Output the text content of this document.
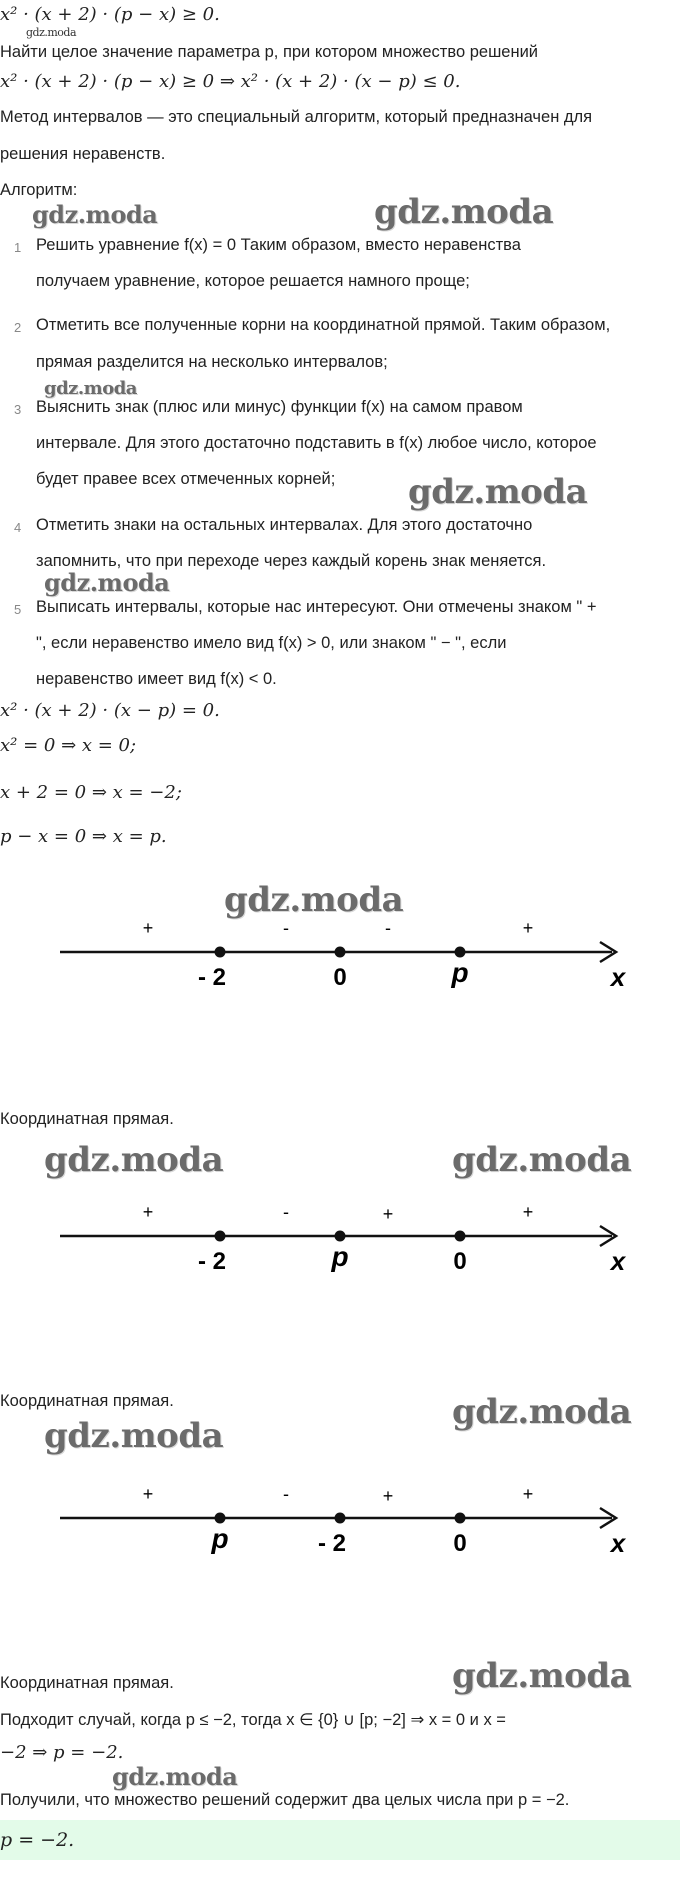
x² · (x + 2) · (p − x) ≥ 0.
gdz.moda
Найти целое значение параметра p, при котором множество решений
x² · (x + 2) · (p − x) ≥ 0 ⇒ x² · (x + 2) · (x − p) ≤ 0.
Метод интервалов — это специальный алгоритм, который предназначен для
решения неравенств.
Алгоритм:
gdz.moda	gdz.moda
1 Решить уравнение f(x) = 0 Таким образом, вместо неравенства
получаем уравнение, которое решается намного проще;
2 Отметить все полученные корни на координатной прямой. Таким образом,
прямая разделится на несколько интервалов;
gdz.moda
3 Выяснить знак (плюс или минус) функции f(x) на самом правом
интервале. Для этого достаточно подставить в f(x) любое число, которое
будет правее всех отмеченных корней; gdz.moda
4 Отметить знаки на остальных интервалах. Для этого достаточно
запомнить, что при переходе через каждый корень знак меняется.
gdz.moda
5 Выписать интервалы, которые нас интересуют. Они отмечены знаком " +
", если неравенство имело вид f(x) > 0, или знаком " − ", если
неравенство имеет вид f(x) < 0.
x² · (x + 2) · (x − p) = 0.
x² = 0 ⇒ x = 0;
x + 2 = 0 ⇒ x = −2;
p − x = 0 ⇒ x = p.
gdz.moda
+	-	-	+
- 2	0	p	x
Координатная прямая.
gdz.moda	gdz.moda
+	-	+	+
- 2	p	0	x
Координатная прямая.	gdz.moda
gdz.moda
+	-	+	+
p	- 2	0	x
gdz.moda
Координатная прямая.
Подходит случай, когда p ≤ −2, тогда x ∈ {0} ∪ [p; −2] ⇒ x = 0 и x =
−2 ⇒ p = −2.
gdz.moda
Получили, что множество решений содержит два целых числа при p = −2.
p = −2.
